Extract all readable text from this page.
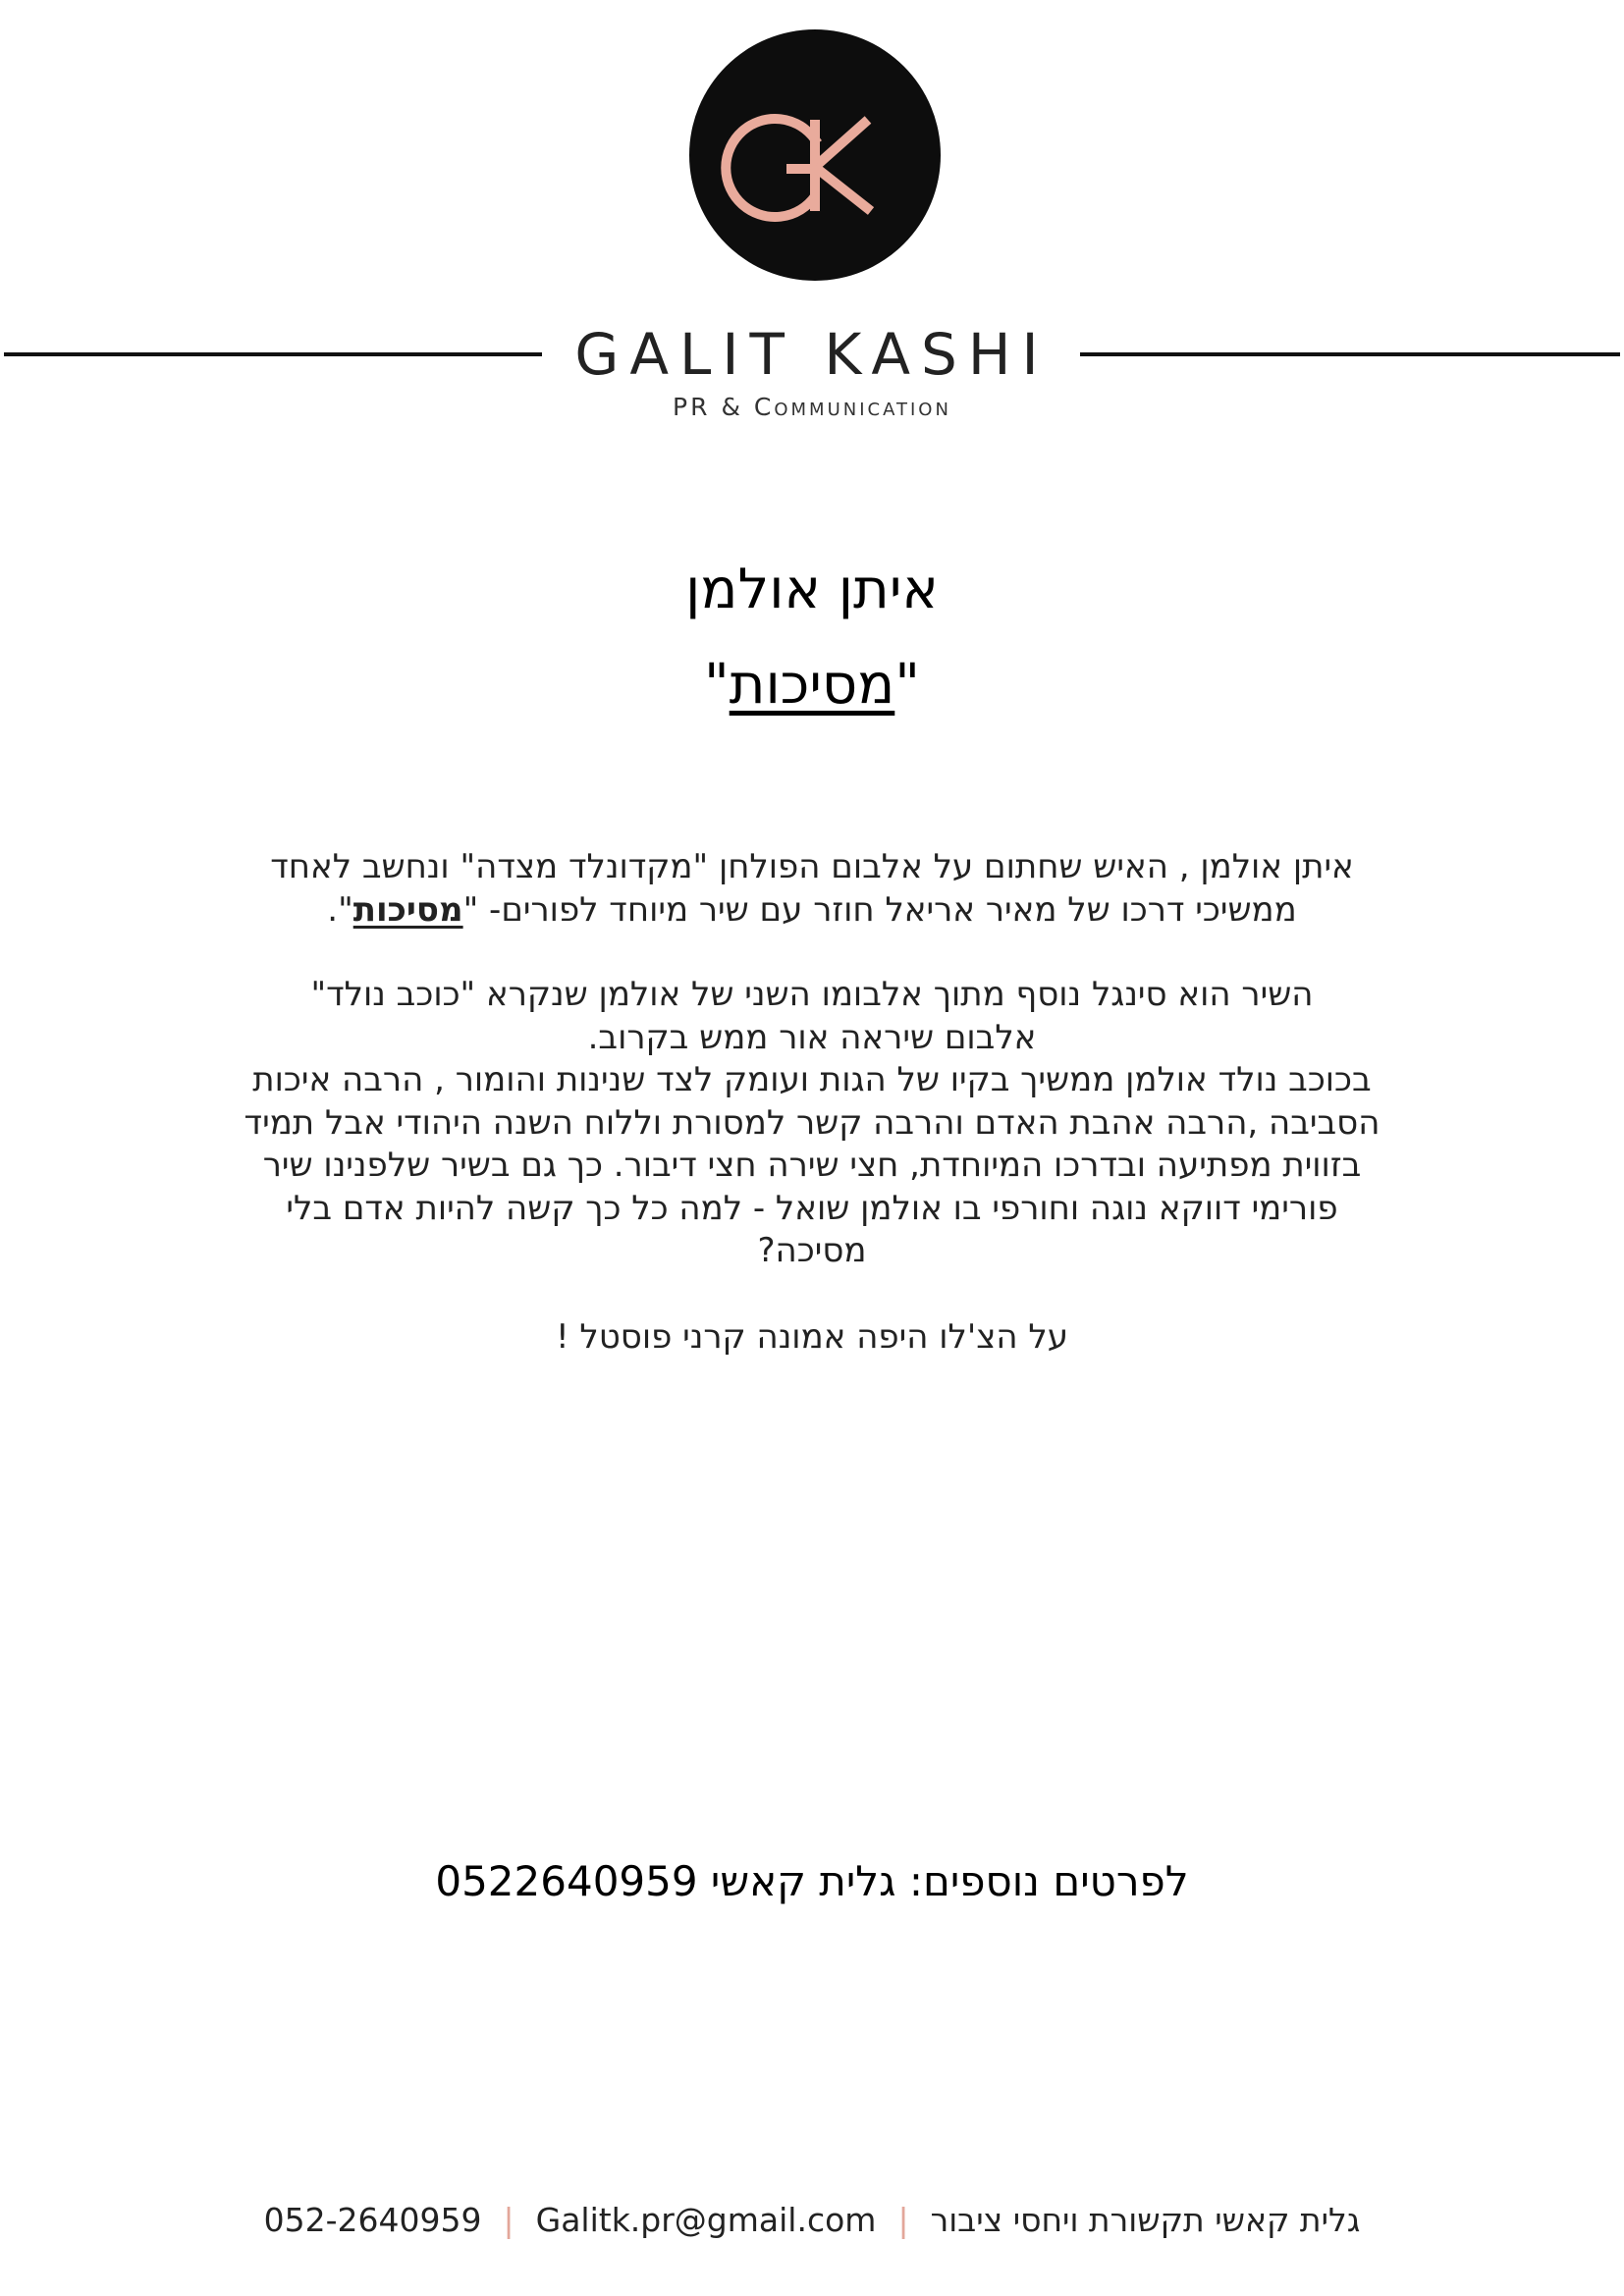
GALIT KASHI
PR & Communication
איתן אולמן
"מסיכות"

איתן אולמן , האיש שחתום על אלבום הפולחן "מקדונלד מצדה" ונחשב לאחד ממשיכי דרכו של מאיר אריאל חוזר עם שיר מיוחד לפורים- "מסיכות".

השיר הוא סינגל נוסף מתוך אלבומו השני של אולמן שנקרא "כוכב נולד"

אלבום שיראה אור ממש בקרוב.

בכוכב נולד אולמן ממשיך בקיו של הגות ועומק לצד שנינות והומור , הרבה איכות הסביבה ,הרבה אהבת האדם והרבה קשר למסורת וללוח השנה היהודי אבל תמיד בזווית מפתיעה ובדרכו המיוחדת, חצי שירה חצי דיבור. כך גם בשיר שלפנינו שיר פורימי דווקא נוגה וחורפי בו אולמן שואל - למה כל כך קשה להיות אדם בלי מסיכה?

על הצ'לו היפה אמונה קרני פוסטל !

לפרטים נוספים: גלית קאשי 0522640959
גלית קאשי תקשורת ויחסי ציבור|052-2640959 | Galitk.pr@gmail.com
